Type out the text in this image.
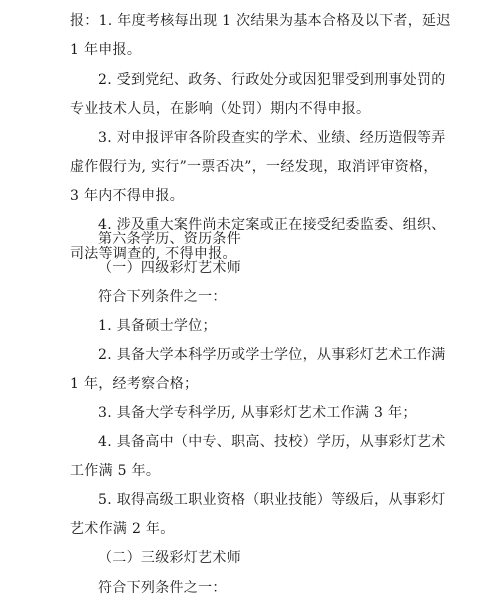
报：1. 年度考核每出现 1 次结果为基本合格及以下者，延迟
1 年申报。
2. 受到党纪、政务、行政处分或因犯罪受到刑事处罚的
专业技术人员，在影响（处罚）期内不得申报。
3. 对申报评审各阶段查实的学术、业绩、经历造假等弄
虚作假行为, 实行”一票否决”，一经发现，取消评审资格，
3 年内不得申报。
4. 涉及重大案件尚未定案或正在接受纪委监委、组织、
司法等调查的, 不得申报。
第六条学历、资历条件
（一）四级彩灯艺术师
符合下列条件之一：
1. 具备硕士学位；
2. 具备大学本科学历或学士学位，从事彩灯艺术工作满
1 年，经考察合格；
3. 具备大学专科学历, 从事彩灯艺术工作满 3 年；
4. 具备高中（中专、职高、技校）学历，从事彩灯艺术
工作满 5 年。
5. 取得高级工职业资格（职业技能）等级后，从事彩灯
艺术作满 2 年。
（二）三级彩灯艺术师
符合下列条件之一：
